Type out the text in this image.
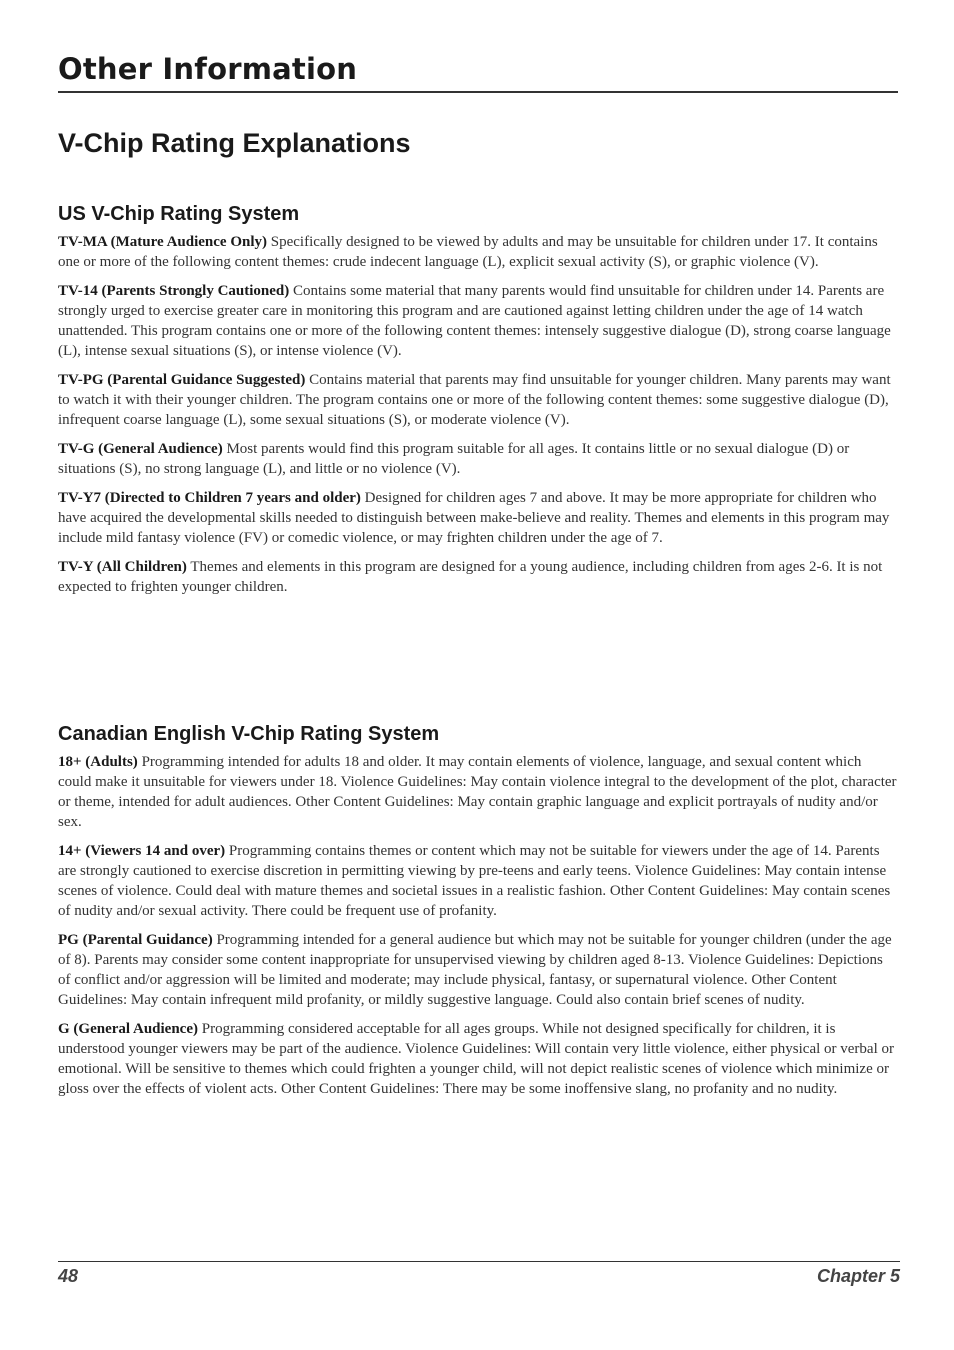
Other Information
V-Chip Rating Explanations
US V-Chip Rating System

TV-MA (Mature Audience Only) Specifically designed to be viewed by adults and may be unsuitable for children under 17. It contains one or more of the following content themes: crude indecent language (L), explicit sexual activity (S), or graphic violence (V).

TV-14 (Parents Strongly Cautioned) Contains some material that many parents would find unsuitable for children under 14. Parents are strongly urged to exercise greater care in monitoring this program and are cautioned against letting children under the age of 14 watch unattended. This program contains one or more of the following content themes: intensely suggestive dialogue (D), strong coarse language (L), intense sexual situations (S), or intense violence (V).

TV-PG (Parental Guidance Suggested) Contains material that parents may find unsuitable for younger children. Many parents may want to watch it with their younger children. The program contains one or more of the following content themes: some suggestive dialogue (D), infrequent coarse language (L), some sexual situations (S), or moderate violence (V).

TV-G (General Audience) Most parents would find this program suitable for all ages. It contains little or no sexual dialogue (D) or situations (S), no strong language (L), and little or no violence (V).

TV-Y7 (Directed to Children 7 years and older) Designed for children ages 7 and above. It may be more appropriate for children who have acquired the developmental skills needed to distinguish between make-believe and reality. Themes and elements in this program may include mild fantasy violence (FV) or comedic violence, or may frighten children under the age of 7.

TV-Y (All Children) Themes and elements in this program are designed for a young audience, including children from ages 2-6. It is not expected to frighten younger children.

Canadian English V-Chip Rating System

18+ (Adults) Programming intended for adults 18 and older. It may contain elements of violence, language, and sexual content which could make it unsuitable for viewers under 18. Violence Guidelines: May contain violence integral to the development of the plot, character or theme, intended for adult audiences. Other Content Guidelines: May contain graphic language and explicit portrayals of nudity and/or sex.

14+ (Viewers 14 and over) Programming contains themes or content which may not be suitable for viewers under the age of 14. Parents are strongly cautioned to exercise discretion in permitting viewing by pre-teens and early teens. Violence Guidelines: May contain intense scenes of violence. Could deal with mature themes and societal issues in a realistic fashion. Other Content Guidelines: May contain scenes of nudity and/or sexual activity. There could be frequent use of profanity.

PG (Parental Guidance) Programming intended for a general audience but which may not be suitable for younger children (under the age of 8). Parents may consider some content inappropriate for unsupervised viewing by children aged 8-13. Violence Guidelines: Depictions of conflict and/or aggression will be limited and moderate; may include physical, fantasy, or supernatural violence. Other Content Guidelines: May contain infrequent mild profanity, or mildly suggestive language. Could also contain brief scenes of nudity.

G (General Audience) Programming considered acceptable for all ages groups. While not designed specifically for children, it is understood younger viewers may be part of the audience. Violence Guidelines: Will contain very little violence, either physical or verbal or emotional. Will be sensitive to themes which could frighten a younger child, will not depict realistic scenes of violence which minimize or gloss over the effects of violent acts. Other Content Guidelines: There may be some inoffensive slang, no profanity and no nudity.

48	Chapter 5
